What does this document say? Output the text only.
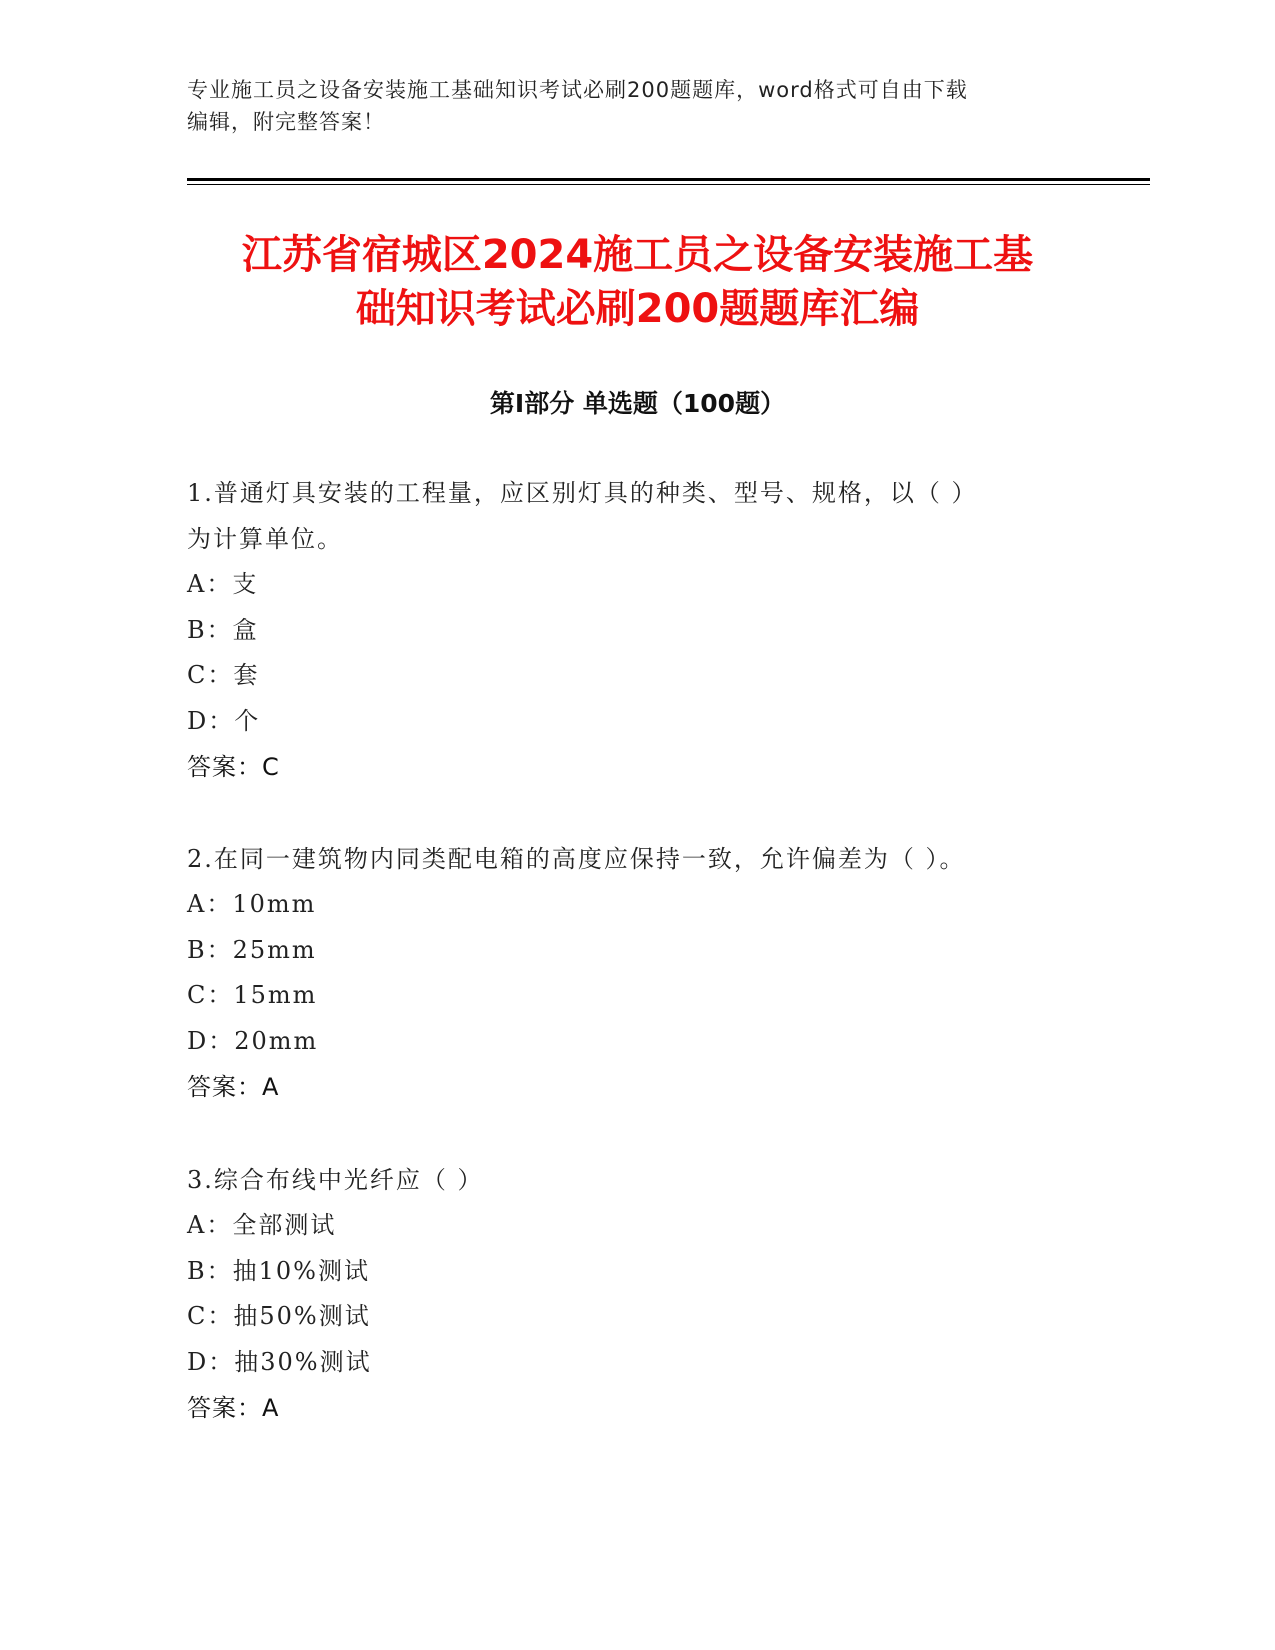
专业施工员之设备安装施工基础知识考试必刷200题题库，word格式可自由下载
编辑，附完整答案！
江苏省宿城区2024施工员之设备安装施工基
础知识考试必刷200题题库汇编
第Ⅰ部分 单选题（100题）
1.普通灯具安装的工程量，应区别灯具的种类、型号、规格，以（ ）
为计算单位。
A：支
B：盒
C：套
D：个
答案：C
2.在同一建筑物内同类配电箱的高度应保持一致，允许偏差为（ ）。
A：10mm
B：25mm
C：15mm
D：20mm
答案：A
3.综合布线中光纤应（ ）
A：全部测试
B：抽10%测试
C：抽50%测试
D：抽30%测试
答案：A
